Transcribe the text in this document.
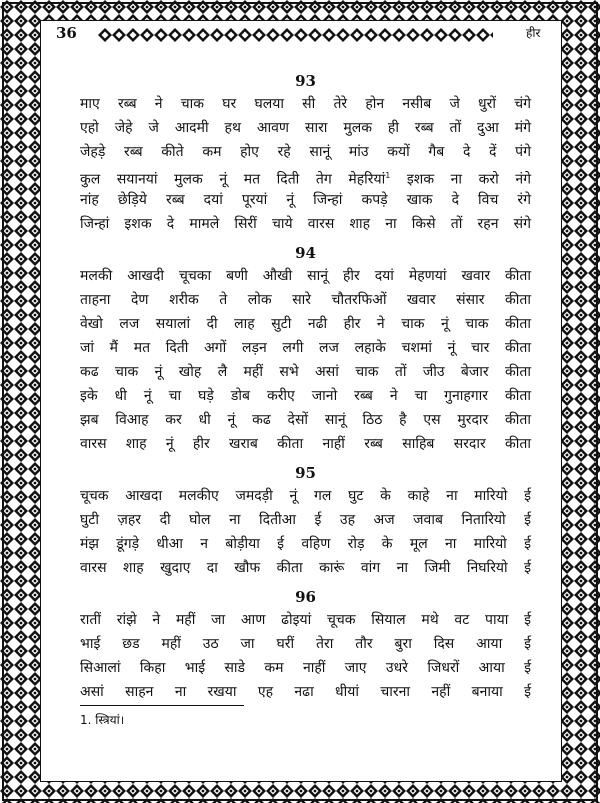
36	हीर
93
माए रब्ब ने चाक घर घलया सी तेरे होन नसीब जे धुरों चंगे
एहो जेहे जे आदमी हथ आवण सारा मुलक ही रब्ब तों दुआ मंगे
जेहड़े रब्ब कीते कम होए रहे सानूं मांउ कयों गैब दे दें पंगे
कुल सयानयां मुलक नूं मत दिती तेग मेहरियां$^1$ इशक ना करो नंगे
नांह छेड़िये रब्ब दयां पूरयां नूं जिन्हां कपड़े खाक दे विच रंगे
जिन्हां इशक दे मामले सिरीं चाये वारस शाह ना किसे तों रहन संगे
94
मलकी आखदी चूचका बणी औखी सानूं हीर दयां मेहणयां खवार कीता
ताहना देण शरीक ते लोक सारे चौतरफिओं खवार संसार कीता
वेखो लज सयालां दी लाह सुटी नढी हीर ने चाक नूं चाक कीता
जां मैं मत दिती अगों लड़न लगी लज लहाके चशमां नूं चार कीता
कढ चाक नूं खोह लै महीं सभे असां चाक तों जीउ बेजार कीता
इके धी नूं चा घड़े डोब करीए जानो रब्ब ने चा गुनाहगार कीता
झब विआह कर धी नूं कढ देसों सानूं ठिठ है एस मुरदार कीता
वारस शाह नूं हीर खराब कीता नाहीं रब्ब साहिब सरदार कीता
95
चूचक आखदा मलकीए जमदड़ी नूं गल घुट के काहे ना मारियो ई
घुटी ज़हर दी घोल ना दितीआ ई उह अज जवाब नितारियो ई
मंझ डूंगड़े धीआ न बोड़ीया ई वहिण रोड़ के मूल ना मारियो ई
वारस शाह खुदाए दा खौफ कीता कारूं वांग ना जिमी निघरियो ई
96
रातीं रांझे ने महीं जा आण ढोइयां चूचक सियाल मथे वट पाया ई
भाई छड महीं उठ जा घरीं तेरा तौर बुरा दिस आया ई
सिआलां किहा भाई साडे कम नाहीं जाए उधरे जिधरों आया ई
असां साहन ना रखया एह नढा धीयां चारना नहीं बनाया ई
1. स्त्रियां।
